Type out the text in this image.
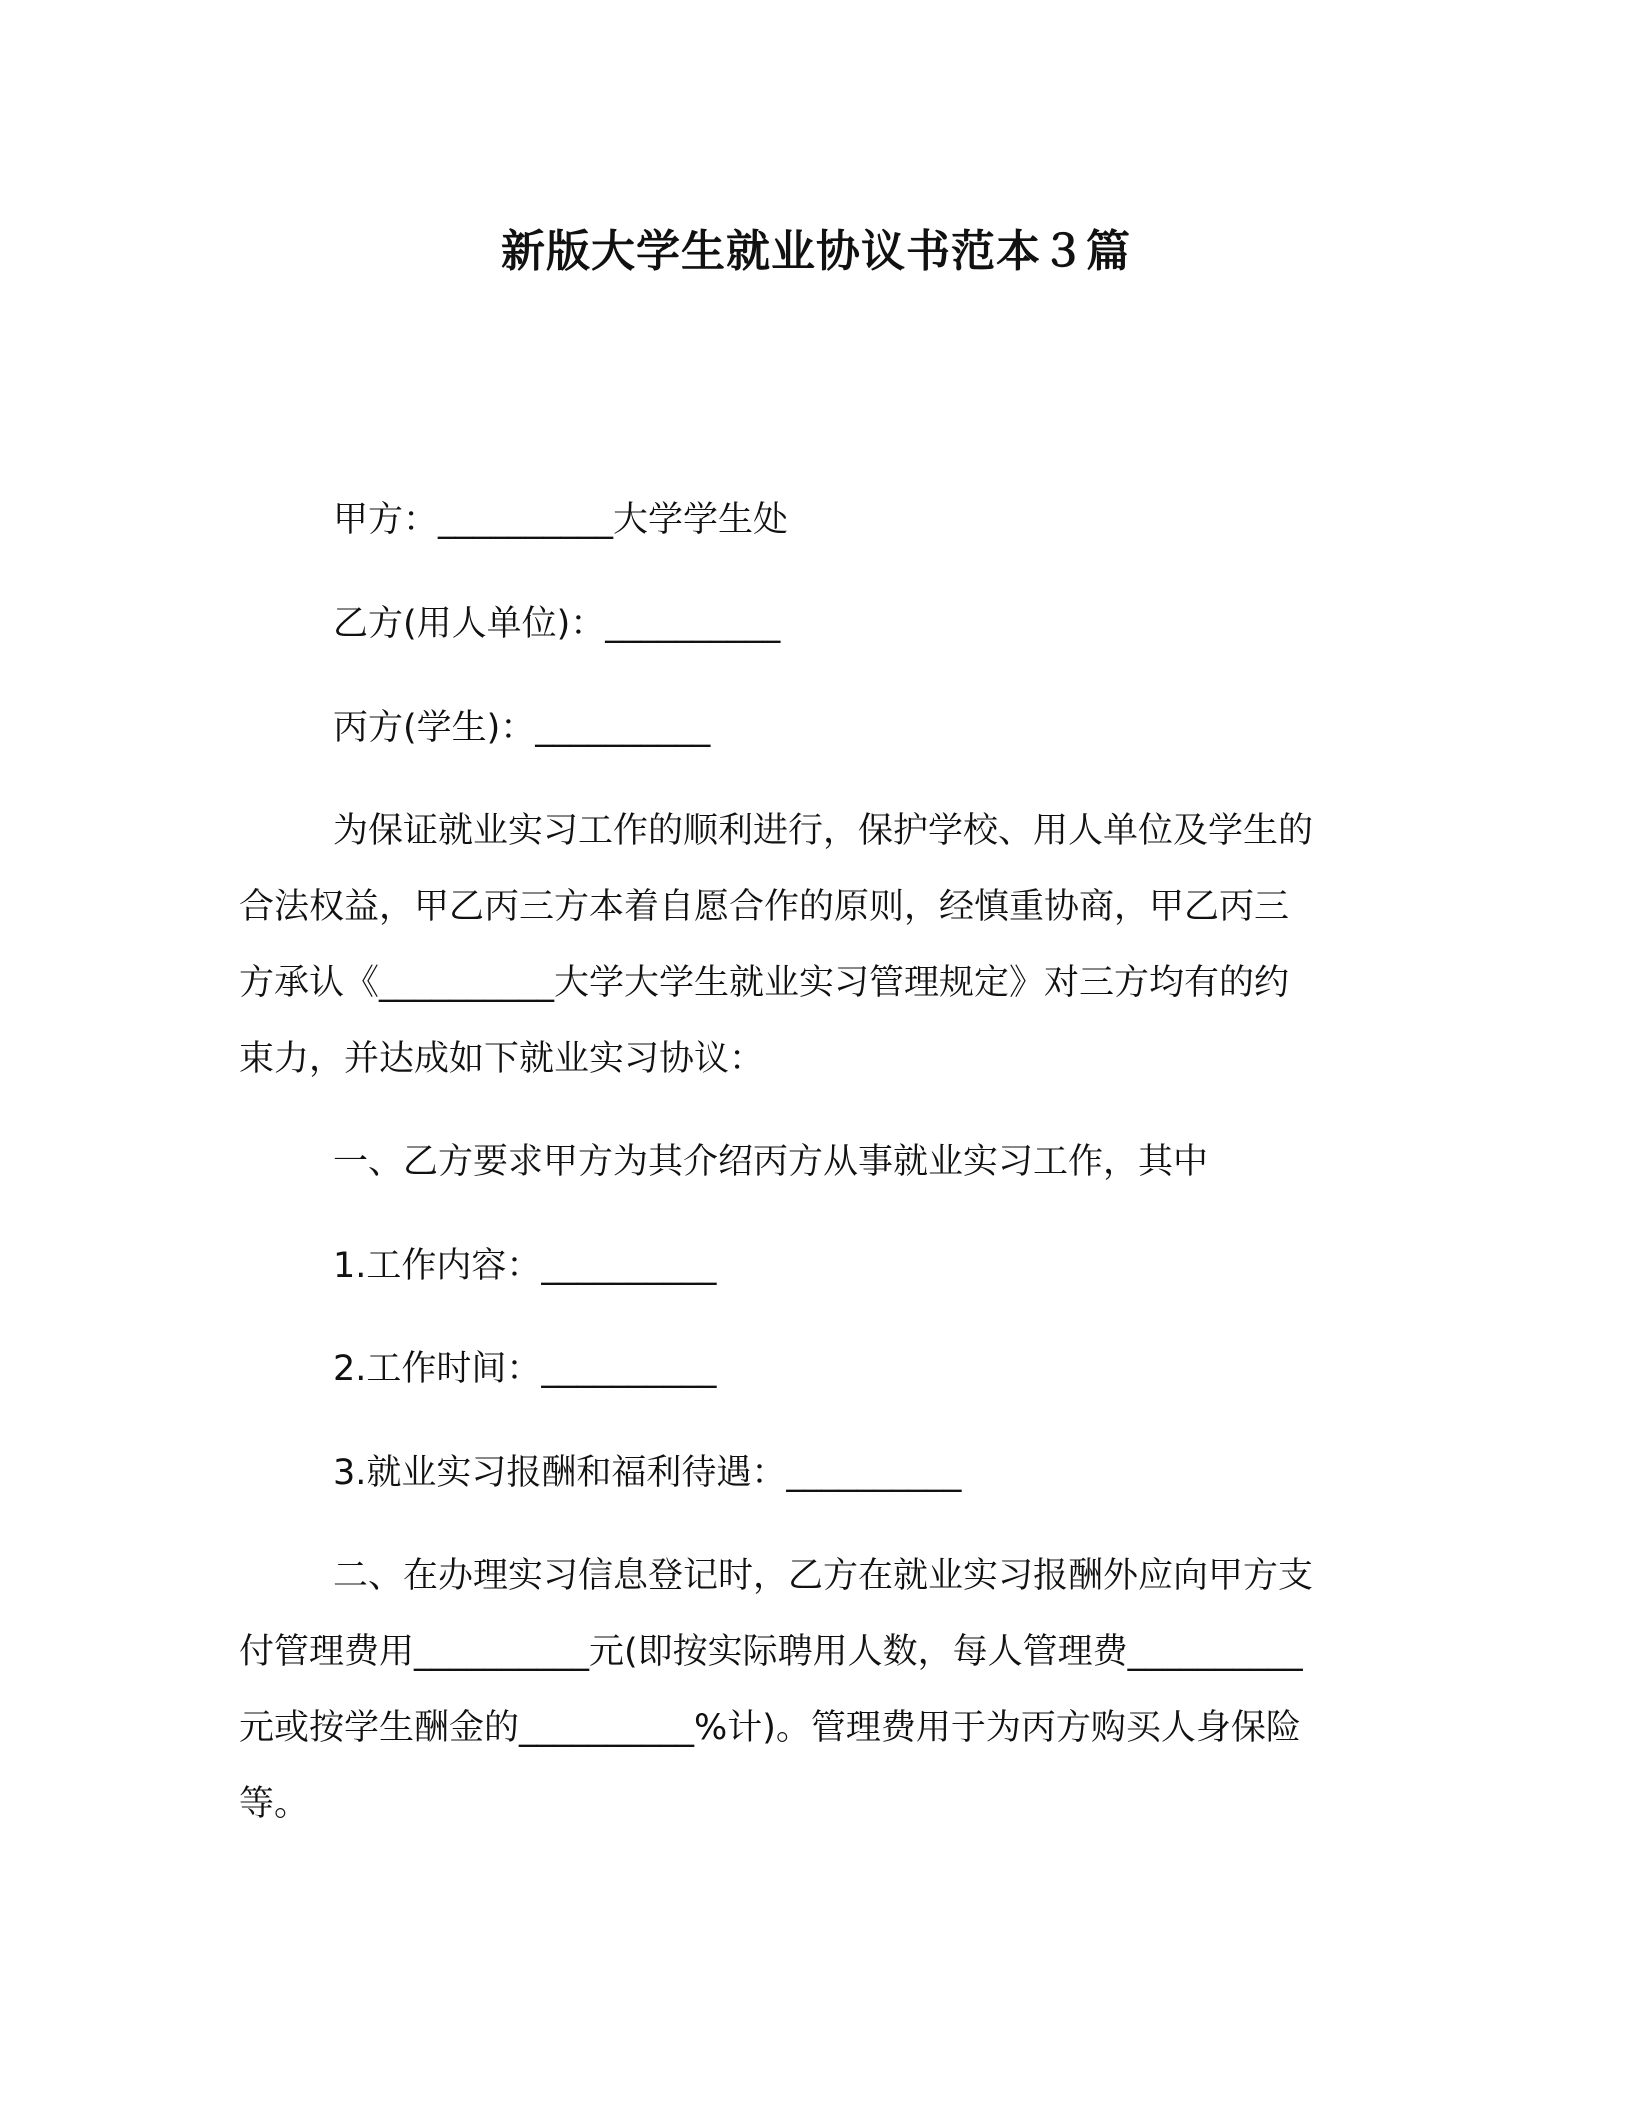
新版大学生就业协议书范本３篇

甲方：__________大学学生处

乙方(用人单位)：__________

丙方(学生)：__________

为保证就业实习工作的顺利进行，保护学校、用人单位及学生的

合法权益，甲乙丙三方本着自愿合作的原则，经慎重协商，甲乙丙三

方承认《__________大学大学生就业实习管理规定》对三方均有的约

束力，并达成如下就业实习协议：

一、乙方要求甲方为其介绍丙方从事就业实习工作，其中

1.工作内容：__________

2.工作时间：__________

3.就业实习报酬和福利待遇：__________

二、在办理实习信息登记时，乙方在就业实习报酬外应向甲方支

付管理费用__________元(即按实际聘用人数，每人管理费__________

元或按学生酬金的__________%计)。管理费用于为丙方购买人身保险

等。
